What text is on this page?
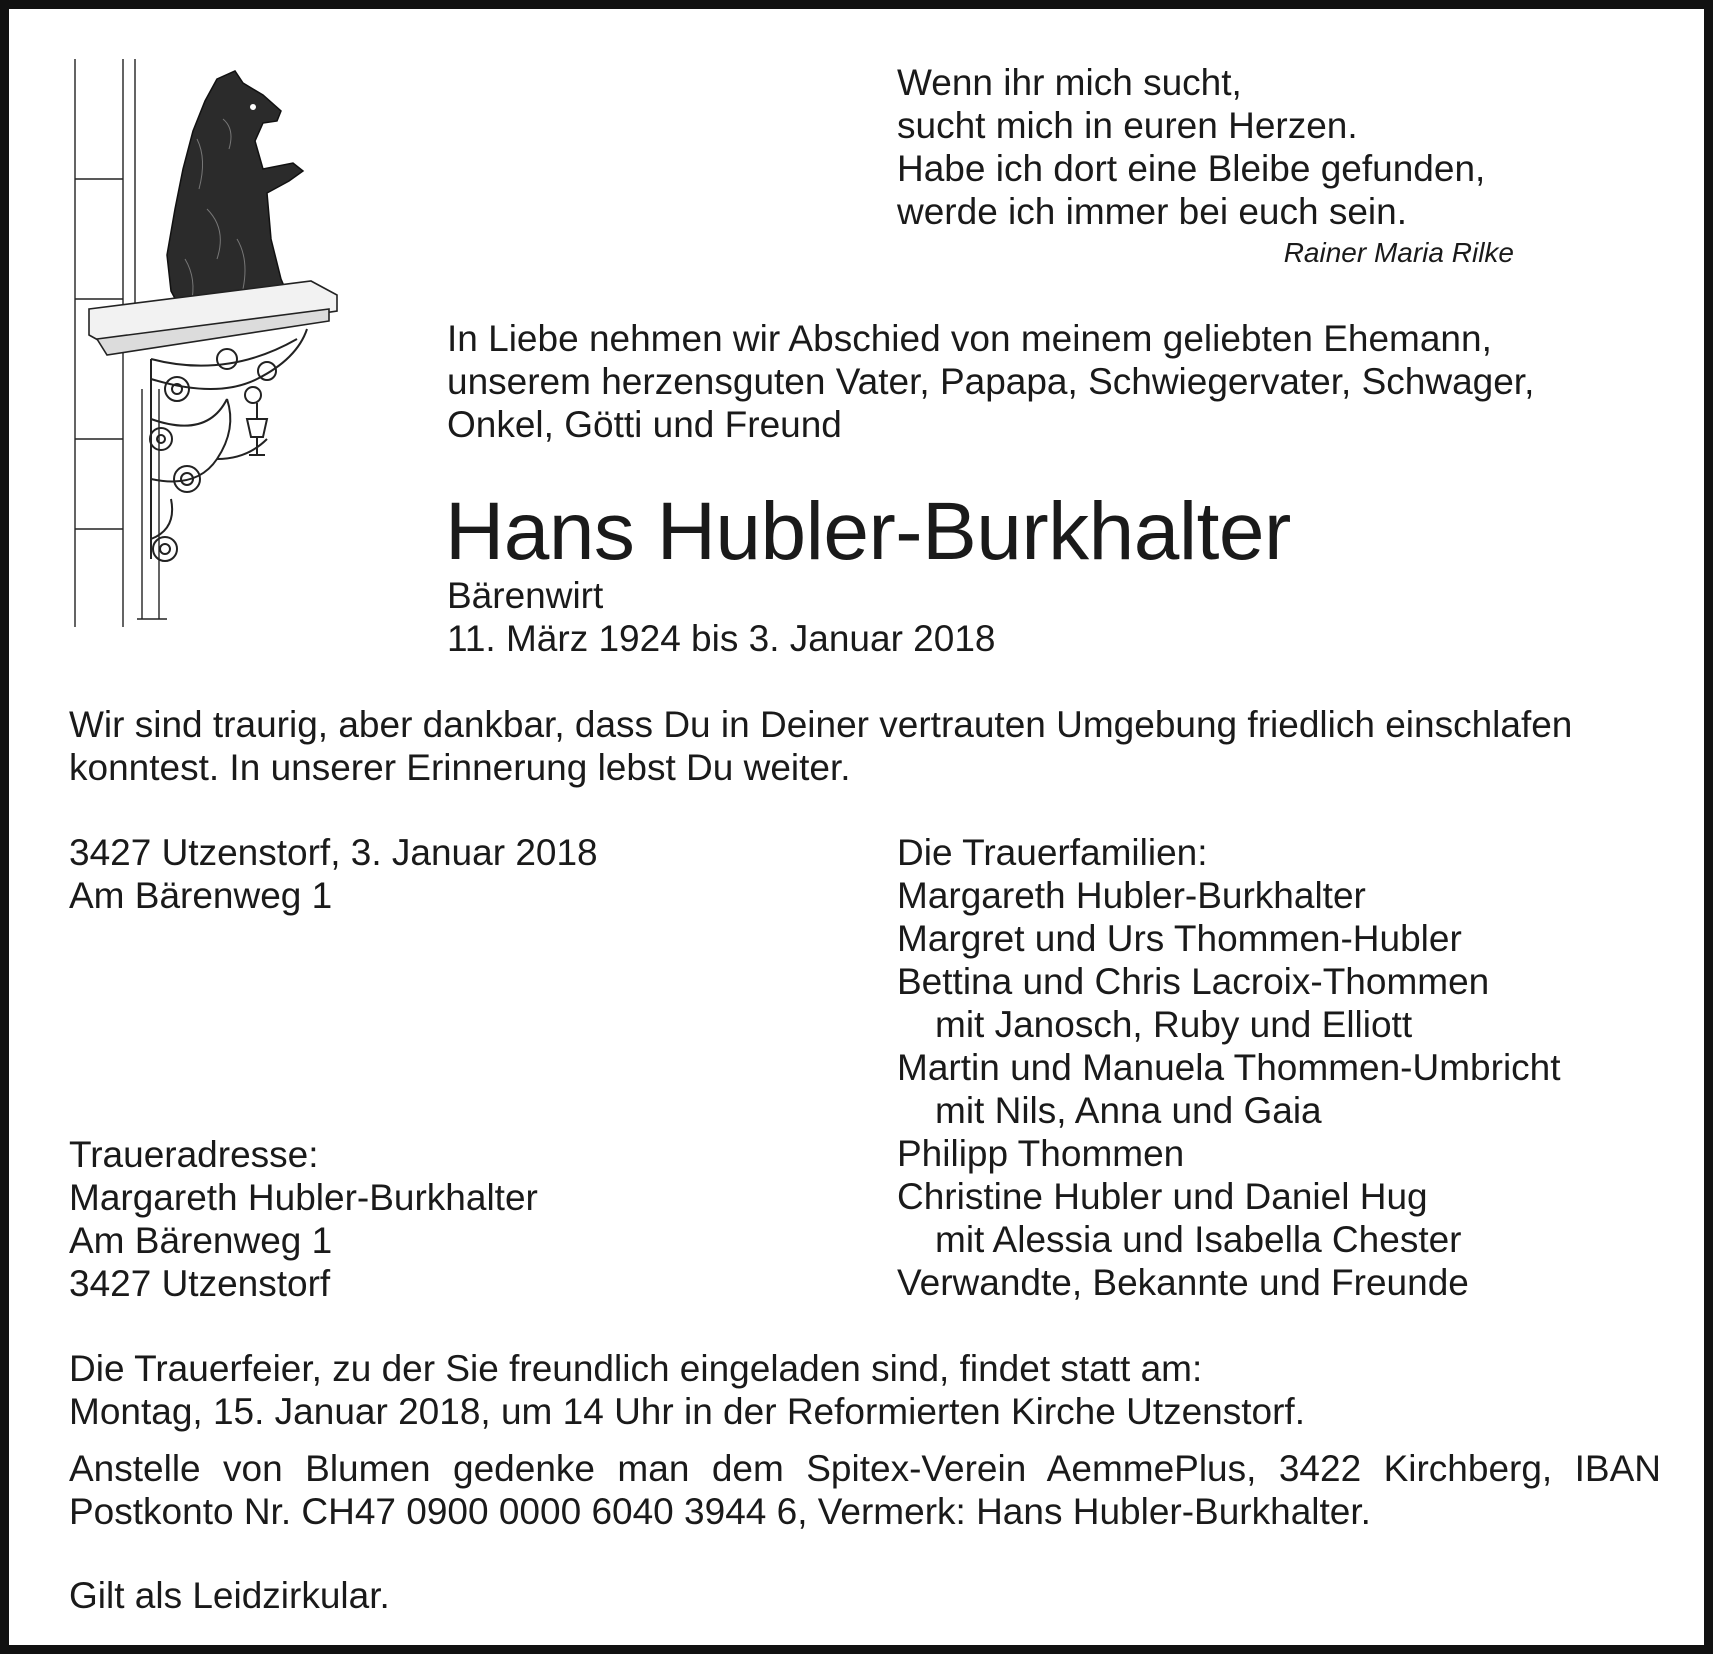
Wenn ihr mich sucht,
sucht mich in euren Herzen.
Habe ich dort eine Bleibe gefunden,
werde ich immer bei euch sein.
Rainer Maria Rilke
In Liebe nehmen wir Abschied von meinem geliebten Ehemann,
unserem herzensguten Vater, Papapa, Schwiegervater, Schwager,
Onkel, Götti und Freund
Hans Hubler-Burkhalter
Bärenwirt
11. März 1924 bis 3. Januar 2018
Wir sind traurig, aber dankbar, dass Du in Deiner vertrauten Umgebung friedlich einschlafen
konntest. In unserer Erinnerung lebst Du weiter.
3427 Utzenstorf, 3. Januar 2018
Am Bärenweg 1
Traueradresse:
Margareth Hubler-Burkhalter
Am Bärenweg 1
3427 Utzenstorf
Die Trauerfamilien:
Margareth Hubler-Burkhalter
Margret und Urs Thommen-Hubler
Bettina und Chris Lacroix-Thommen
mit Janosch, Ruby und Elliott
Martin und Manuela Thommen-Umbricht
mit Nils, Anna und Gaia
Philipp Thommen
Christine Hubler und Daniel Hug
mit Alessia und Isabella Chester
Verwandte, Bekannte und Freunde
Die Trauerfeier, zu der Sie freundlich eingeladen sind, findet statt am:
Montag, 15. Januar 2018, um 14 Uhr in der Reformierten Kirche Utzenstorf.
Anstelle von Blumen gedenke man dem Spitex-Verein AemmePlus, 3422 Kirchberg, IBAN
Postkonto Nr. CH47 0900 0000 6040 3944 6, Vermerk: Hans Hubler-Burkhalter.
Gilt als Leidzirkular.
